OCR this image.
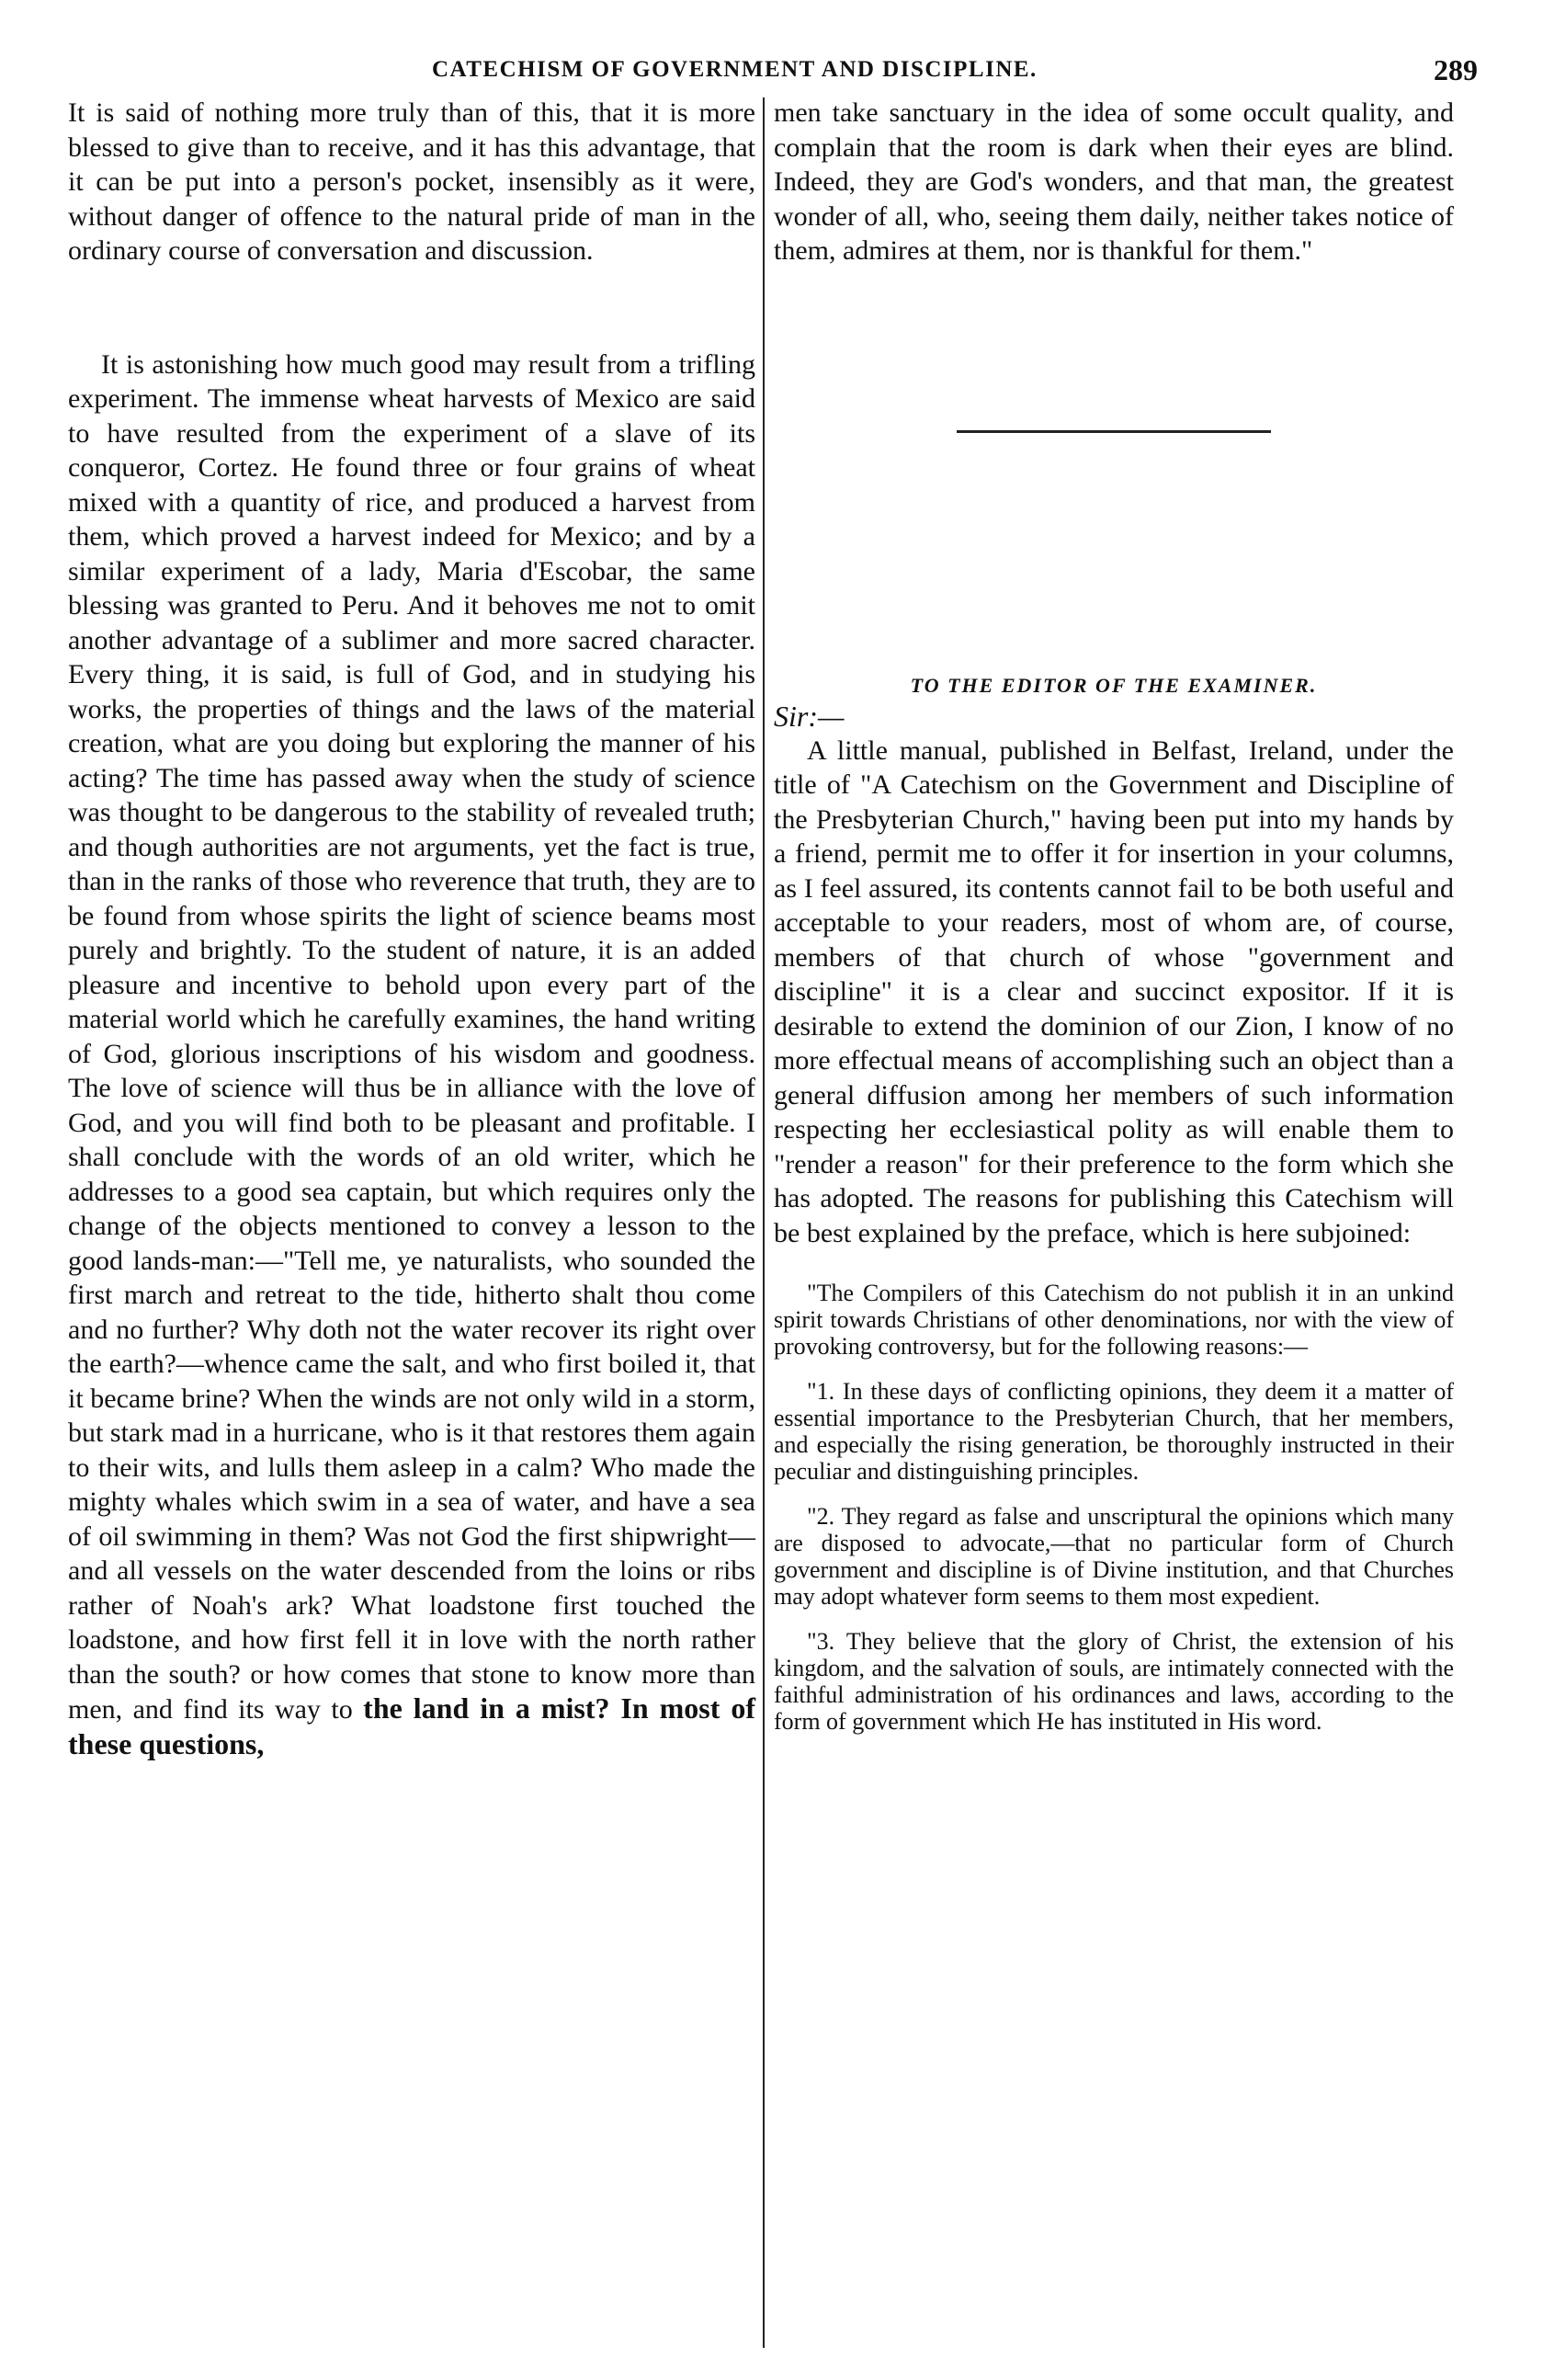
CATECHISM OF GOVERNMENT AND DISCIPLINE.	289

It is said of nothing more truly than of this, that it is more blessed to give than to receive, and it has this advantage, that it can be put into a person's pocket, insensibly as it were, without danger of offence to the natural pride of man in the ordinary course of conversation and discussion.

It is astonishing how much good may result from a trifling experiment. The immense wheat harvests of Mexico are said to have resulted from the experiment of a slave of its conqueror, Cortez. He found three or four grains of wheat mixed with a quantity of rice, and produced a harvest from them, which proved a harvest indeed for Mexico; and by a similar experiment of a lady, Maria d'Escobar, the same blessing was granted to Peru. And it behoves me not to omit another advantage of a sublimer and more sacred character. Every thing, it is said, is full of God, and in studying his works, the properties of things and the laws of the material creation, what are you doing but exploring the manner of his acting? The time has passed away when the study of science was thought to be dangerous to the stability of revealed truth; and though authorities are not arguments, yet the fact is true, than in the ranks of those who reverence that truth, they are to be found from whose spirits the light of science beams most purely and brightly. To the student of nature, it is an added pleasure and incentive to behold upon every part of the material world which he carefully examines, the hand writing of God, glorious inscriptions of his wisdom and goodness. The love of science will thus be in alliance with the love of God, and you will find both to be pleasant and profitable. I shall conclude with the words of an old writer, which he addresses to a good sea captain, but which requires only the change of the objects mentioned to convey a lesson to the good lands-man:—"Tell me, ye naturalists, who sounded the first march and retreat to the tide, hitherto shalt thou come and no further? Why doth not the water recover its right over the earth?—whence came the salt, and who first boiled it, that it became brine? When the winds are not only wild in a storm, but stark mad in a hurricane, who is it that restores them again to their wits, and lulls them asleep in a calm? Who made the mighty whales which swim in a sea of water, and have a sea of oil swimming in them? Was not God the first shipwright—and all vessels on the water descended from the loins or ribs rather of Noah's ark? What loadstone first touched the loadstone, and how first fell it in love with the north rather than the south? or how comes that stone to know more than men, and find its way to the land in a mist? In most of these questions,

men take sanctuary in the idea of some occult quality, and complain that the room is dark when their eyes are blind. Indeed, they are God's wonders, and that man, the greatest wonder of all, who, seeing them daily, neither takes notice of them, admires at them, nor is thankful for them."

TO THE EDITOR OF THE EXAMINER.

Sir:—

A little manual, published in Belfast, Ireland, under the title of "A Catechism on the Government and Discipline of the Presbyterian Church," having been put into my hands by a friend, permit me to offer it for insertion in your columns, as I feel assured, its contents cannot fail to be both useful and acceptable to your readers, most of whom are, of course, members of that church of whose "government and discipline" it is a clear and succinct expositor. If it is desirable to extend the dominion of our Zion, I know of no more effectual means of accomplishing such an object than a general diffusion among her members of such information respecting her ecclesiastical polity as will enable them to "render a reason" for their preference to the form which she has adopted. The reasons for publishing this Catechism will be best explained by the preface, which is here subjoined:

"The Compilers of this Catechism do not publish it in an unkind spirit towards Christians of other denominations, nor with the view of provoking controversy, but for the following reasons:—

"1. In these days of conflicting opinions, they deem it a matter of essential importance to the Presbyterian Church, that her members, and especially the rising generation, be thoroughly instructed in their peculiar and distinguishing principles.

"2. They regard as false and unscriptural the opinions which many are disposed to advocate,—that no particular form of Church government and discipline is of Divine institution, and that Churches may adopt whatever form seems to them most expedient.

"3. They believe that the glory of Christ, the extension of his kingdom, and the salvation of souls, are intimately connected with the faithful administration of his ordinances and laws, according to the form of government which He has instituted in His word.
